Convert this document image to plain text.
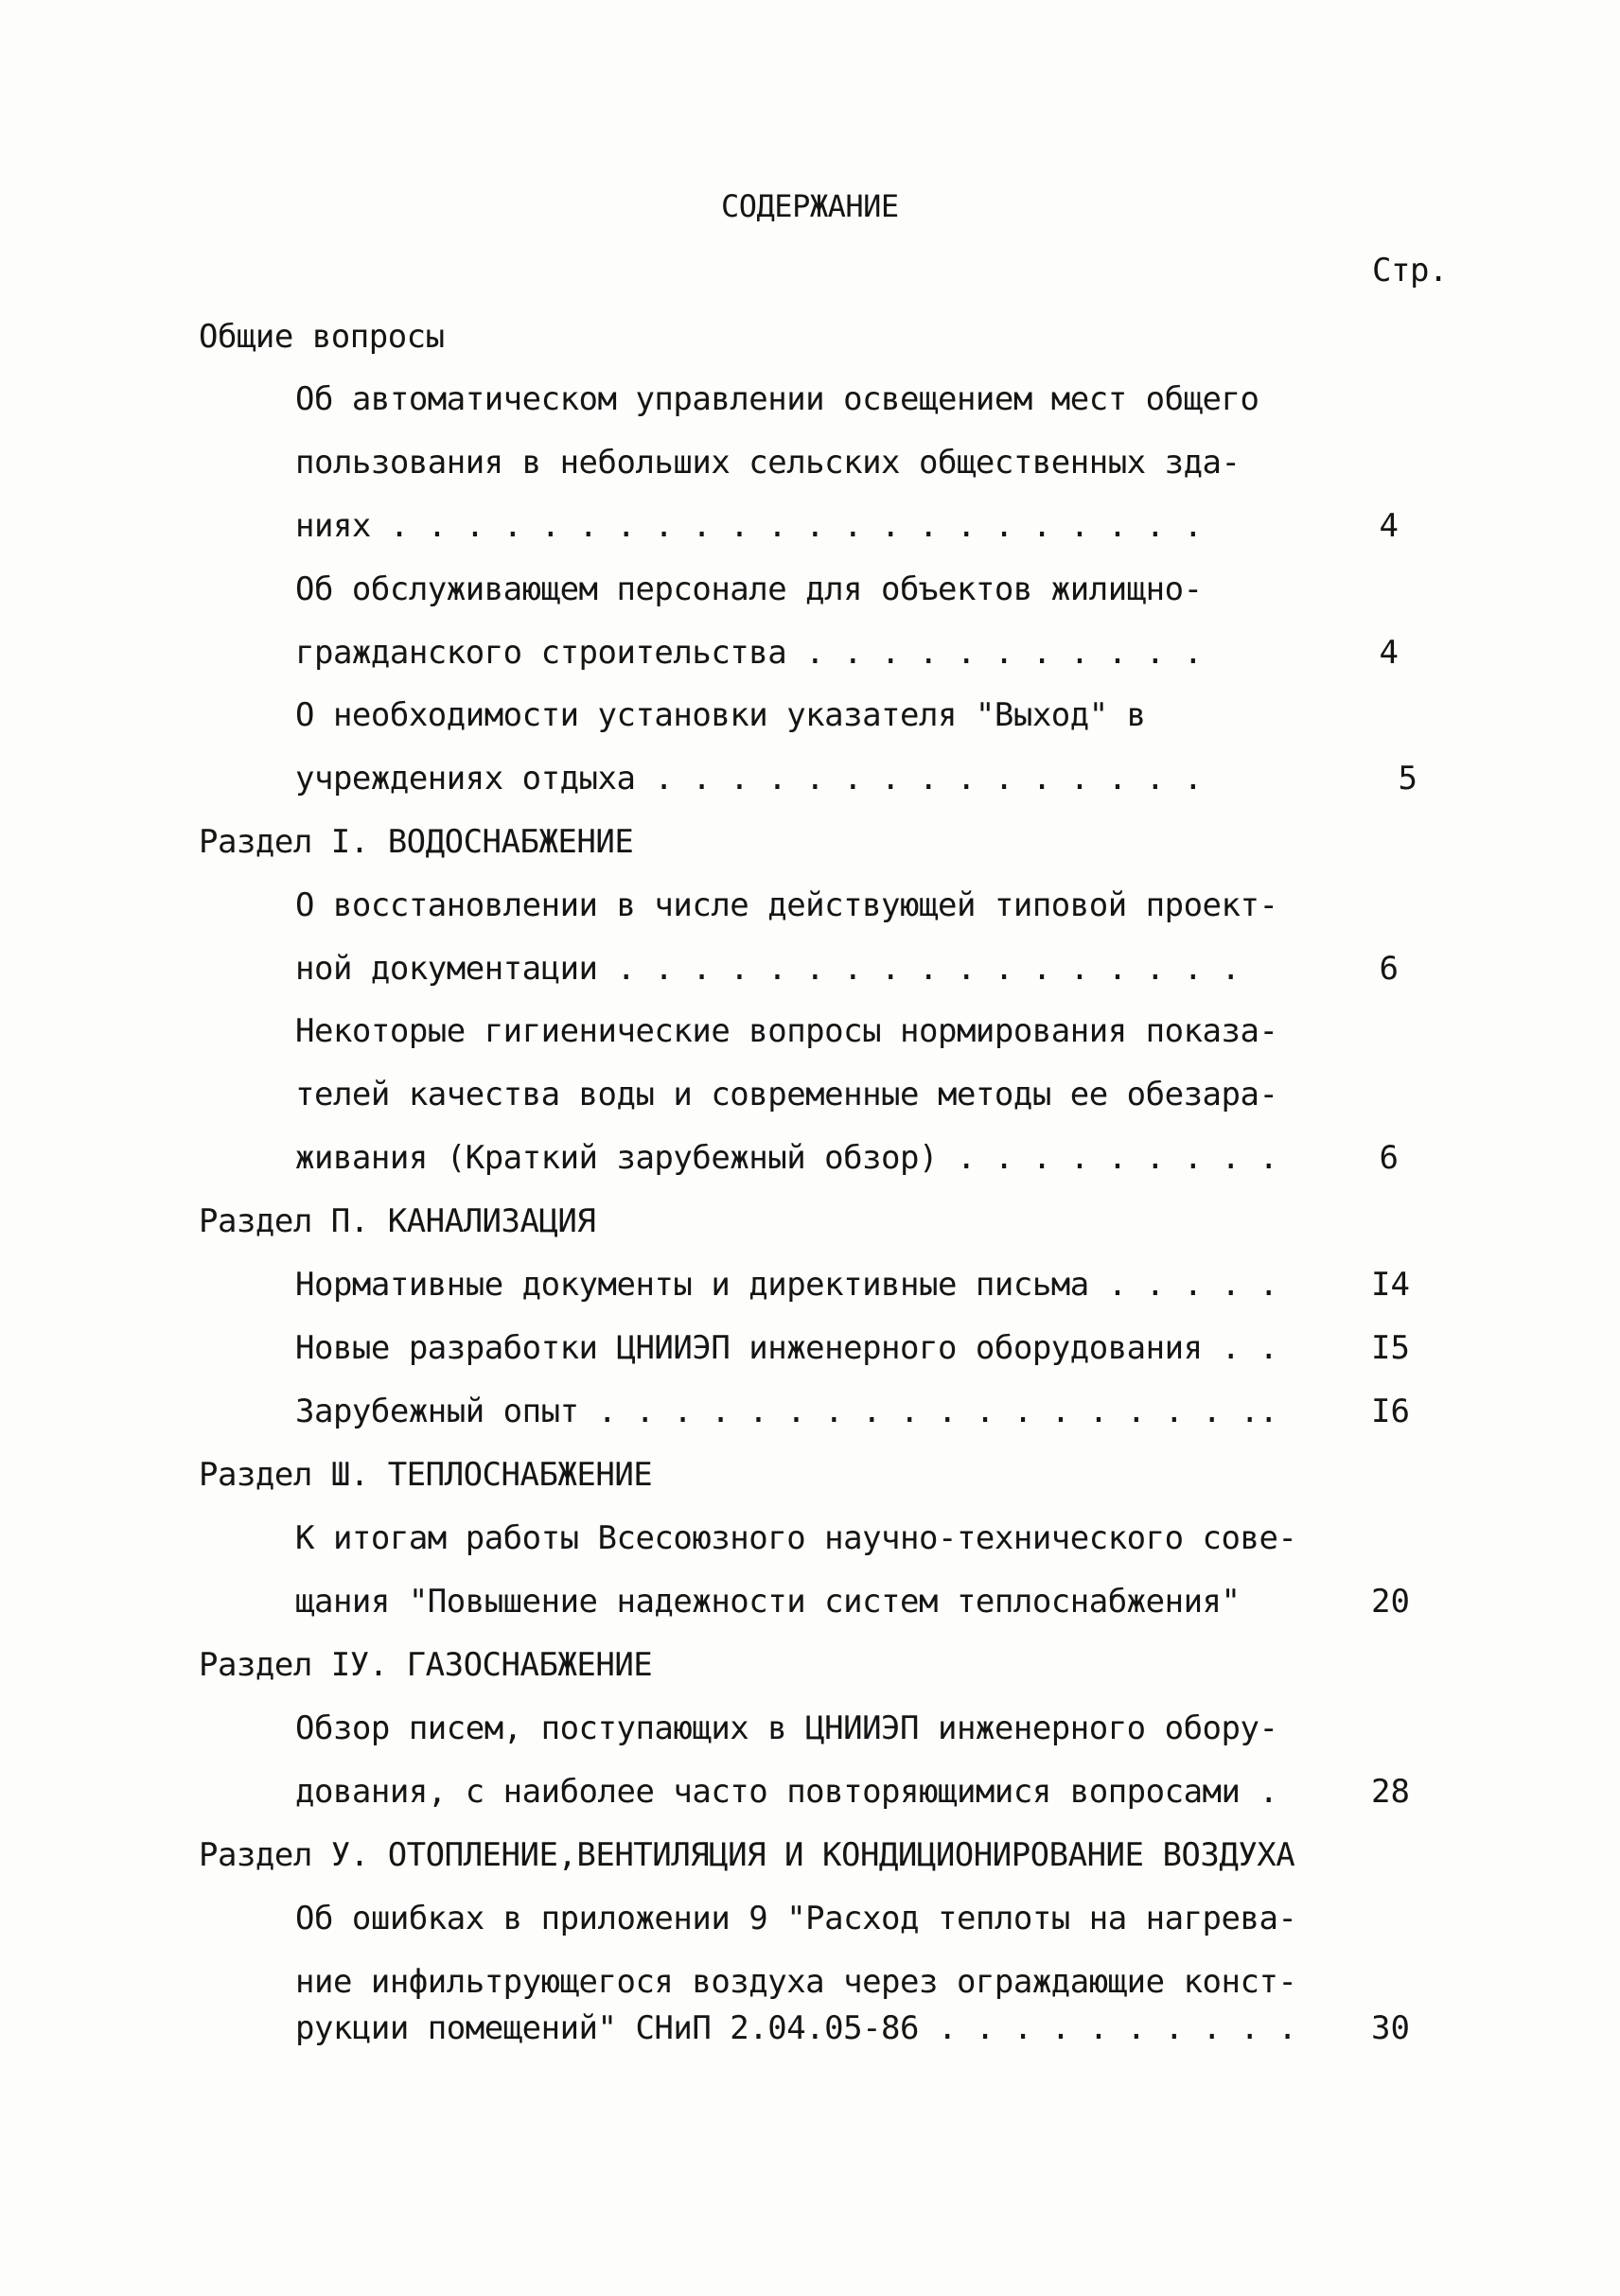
СОДЕРЖАНИЕ
Стр.
Общие вопросы
Об автоматическом управлении освещением мест общего
пользования в небольших сельских общественных зда-
ниях . . . . . . . . . . . . . . . . . . . . . .	4
Об обслуживающем персонале для объектов жилищно-
гражданского строительства . . . . . . . . . . .	4
О необходимости установки указателя "Выход" в
учреждениях отдыха . . . . . . . . . . . . . . .	5
Раздел I. ВОДОСНАБЖЕНИЕ
О восстановлении в числе действующей типовой проект-
ной документации . . . . . . . . . . . . . . . . .	6
Некоторые гигиенические вопросы нормирования показа-
телей качества воды и современные методы ее обезара-
живания (Краткий зарубежный обзор) . . . . . . . . .	6
Раздел П. КАНАЛИЗАЦИЯ
Нормативные документы и директивные письма . . . . .	I4
Новые разработки ЦНИИЭП инженерного оборудования . .	I5
Зарубежный опыт . . . . . . . . . . . . . . . . . ..	I6
Раздел Ш. ТЕПЛОСНАБЖЕНИЕ
К итогам работы Всесоюзного научно-технического сове-
щания "Повышение надежности систем теплоснабжения"	20
Раздел IУ. ГАЗОСНАБЖЕНИЕ
Обзор писем, поступающих в ЦНИИЭП инженерного обору-
дования, с наиболее часто повторяющимися вопросами .	28
Раздел У. ОТОПЛЕНИЕ,ВЕНТИЛЯЦИЯ И КОНДИЦИОНИРОВАНИЕ ВОЗДУХА
Об ошибках в приложении 9 "Расход теплоты на нагрева-
ние инфильтрующегося воздуха через ограждающие конст-
рукции помещений" СНиП 2.04.05-86 . . . . . . . . . .	30
